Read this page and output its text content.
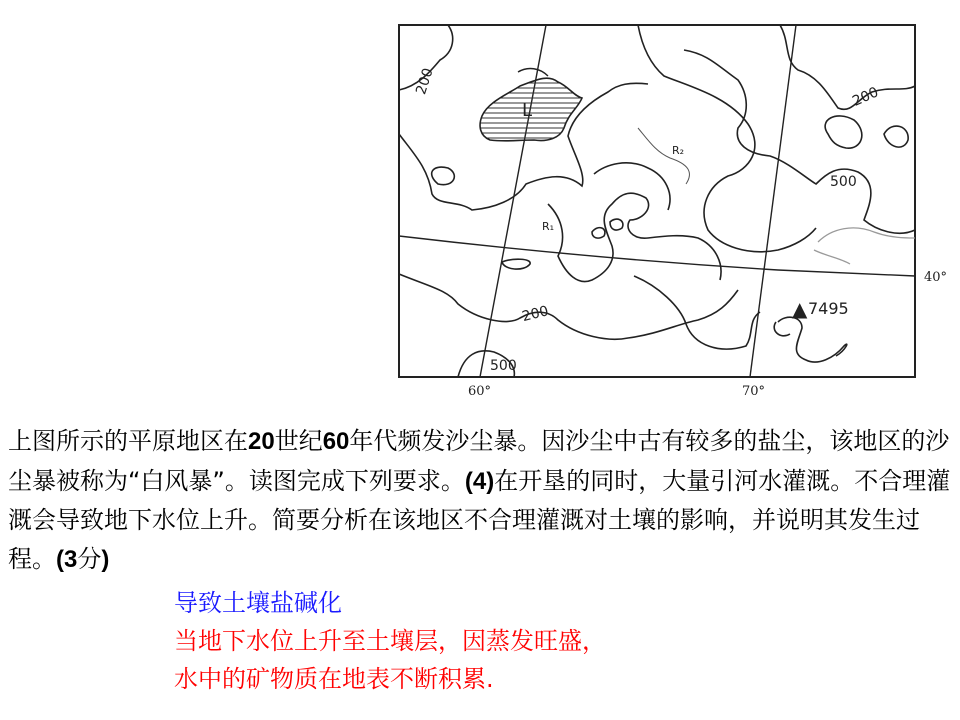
200
200
500
200
500
L
R₂
R₁
▲ 7495
40°
60°	70°

上图所示的平原地区在20世纪60年代频发沙尘暴。因沙尘中古有较多的盐尘，该地区的沙尘暴被称为“白风暴”。读图完成下列要求。(4)在开垦的同时，大量引河水灌溉。不合理灌溉会导致地下水位上升。简要分析在该地区不合理灌溉对土壤的影响，并说明其发生过程。(3分)

导致土壤盐碱化
当地下水位上升至土壤层，因蒸发旺盛，
水中的矿物质在地表不断积累.
